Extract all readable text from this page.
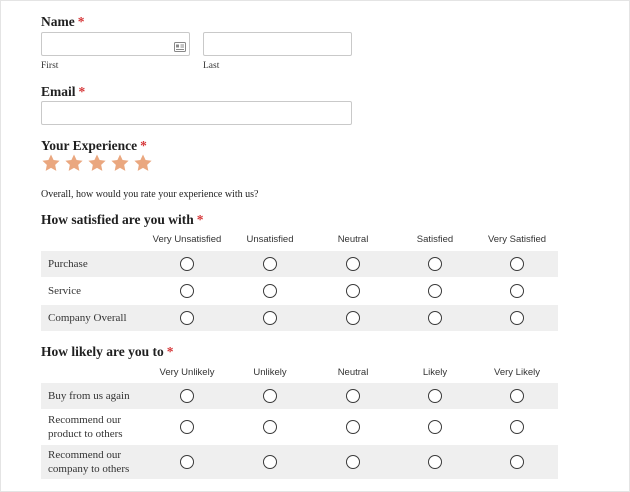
Name *
First	Last
Email *
Your Experience *
Overall, how would you rate your experience with us?
How satisfied are you with *
Very Unsatisfied	Unsatisfied	Neutral	Satisfied	Very Satisfied
Purchase
Service
Company Overall
How likely are you to *
Very Unlikely	Unlikely	Neutral	Likely	Very Likely
Buy from us again
Recommend our
product to others
Recommend our
company to others
